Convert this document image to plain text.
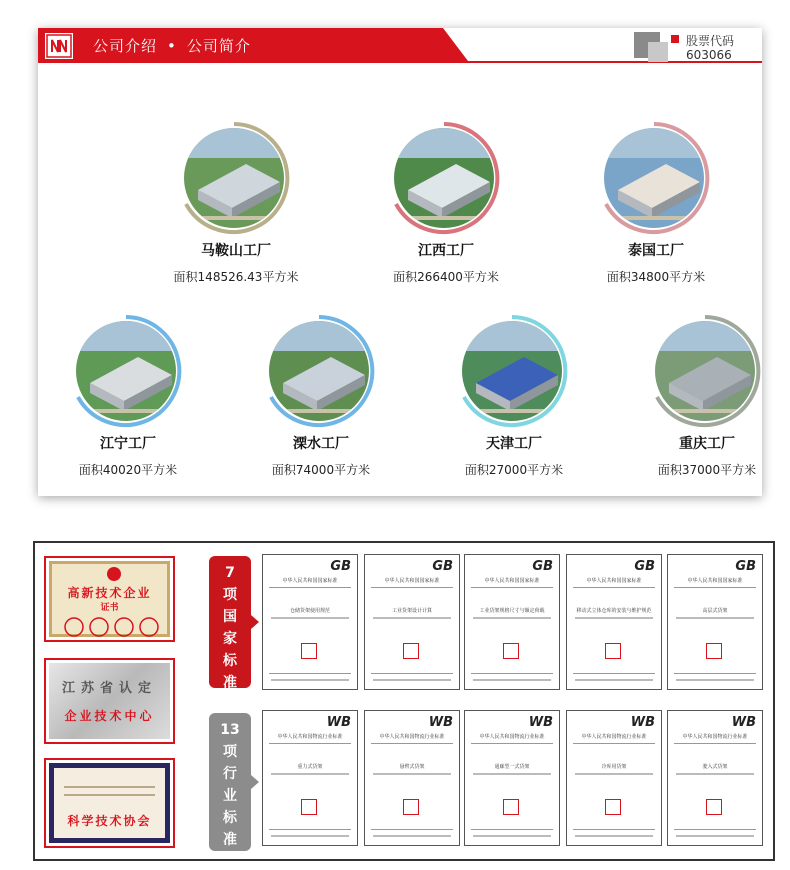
公司介绍 • 公司简介	股票代码
603066
马鞍山工厂
面积148526.43平方米
江西工厂
面积266400平方米
泰国工厂
面积34800平方米
江宁工厂
面积40020平方米
溧水工厂
面积74000平方米
天津工厂
面积27000平方米
重庆工厂
面积37000平方米
高新技术企业
证书
江苏省认定
企业技术中心
科学技术协会
7
项
国
家
标
准
13
项
行
业
标
准
GB
中华人民共和国国家标准
仓储货架使用规范
GB
中华人民共和国国家标准
工业货架设计计算
GB
中华人民共和国国家标准
工业货架规格尺寸与额定荷载
GB
中华人民共和国国家标准
移动式立体仓库的安装与维护规范
GB
中华人民共和国国家标准
高层式货架
WB
中华人民共和国物流行业标准
重力式货架
WB
中华人民共和国物流行业标准
悬臂式货架
WB
中华人民共和国物流行业标准
通廊型一式货架
WB
中华人民共和国物流行业标准
冷库用货架
WB
中华人民共和国物流行业标准
驶入式货架
